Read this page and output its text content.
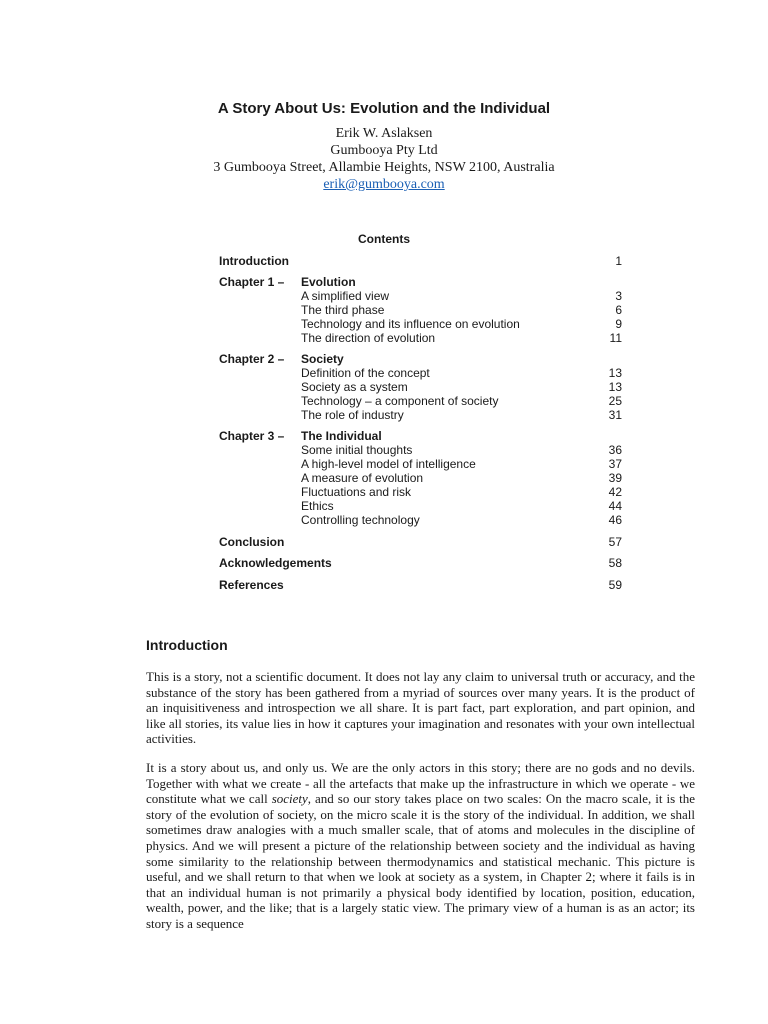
A Story About Us: Evolution and the Individual
Erik W. Aslaksen
Gumbooya Pty Ltd
3 Gumbooya Street, Allambie Heights, NSW 2100, Australia
erik@gumbooya.com
Contents
Introduction	1
Chapter 1 – Evolution
A simplified view	3
The third phase	6
Technology and its influence on evolution	9
The direction of evolution	11
Chapter 2 – Society
Definition of the concept	13
Society as a system	13
Technology – a component of society	25
The role of industry	31
Chapter 3 – The Individual
Some initial thoughts	36
A high-level model of intelligence	37
A measure of evolution	39
Fluctuations and risk	42
Ethics	44
Controlling technology	46
Conclusion	57
Acknowledgements	58
References	59
Introduction
This is a story, not a scientific document. It does not lay any claim to universal truth or accuracy, and the substance of the story has been gathered from a myriad of sources over many years. It is the product of an inquisitiveness and introspection we all share. It is part fact, part exploration, and part opinion, and like all stories, its value lies in how it captures your imagination and resonates with your own intellectual activities.
It is a story about us, and only us. We are the only actors in this story; there are no gods and no devils. Together with what we create - all the artefacts that make up the infrastructure in which we operate - we constitute what we call society, and so our story takes place on two scales: On the macro scale, it is the story of the evolution of society, on the micro scale it is the story of the individual. In addition, we shall sometimes draw analogies with a much smaller scale, that of atoms and molecules in the discipline of physics. And we will present a picture of the relationship between society and the individual as having some similarity to the relationship between thermodynamics and statistical mechanic. This picture is useful, and we shall return to that when we look at society as a system, in Chapter 2; where it fails is in that an individual human is not primarily a physical body identified by location, position, education, wealth, power, and the like; that is a largely static view. The primary view of a human is as an actor; its story is a sequence
